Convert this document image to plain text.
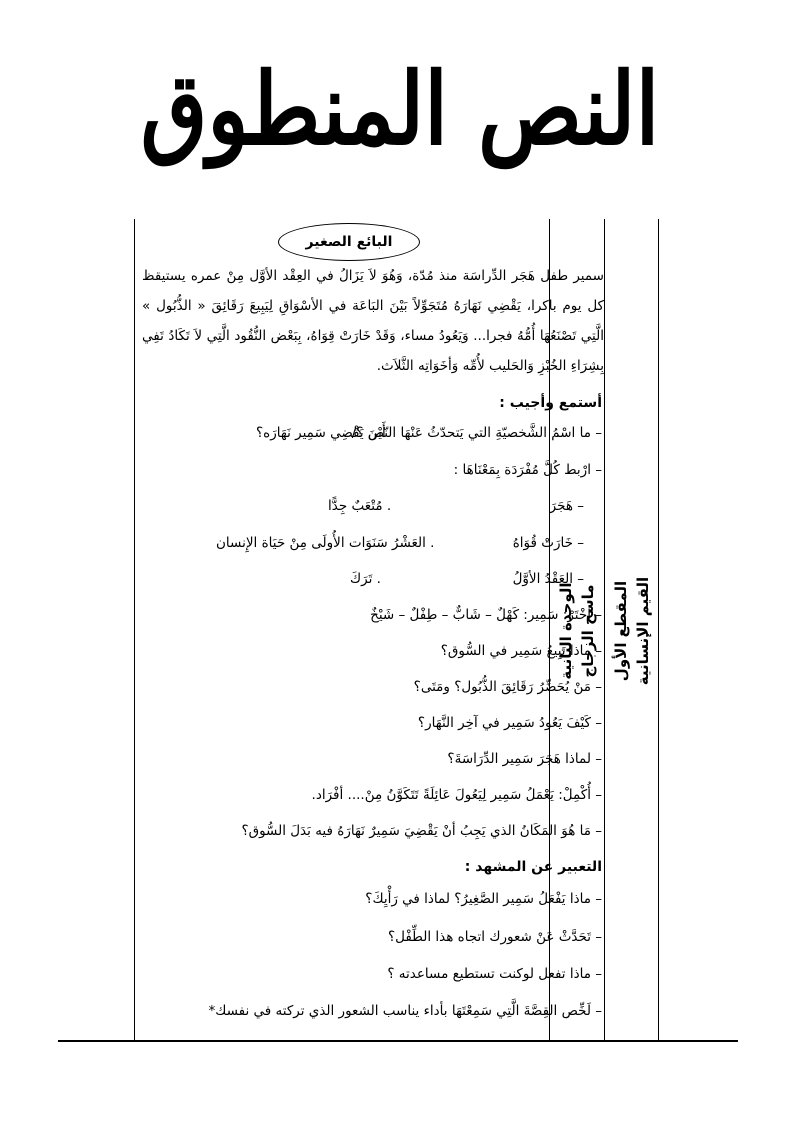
النص المنطوق
الوحدة الثانية ماسح الزجاج المقطع الأول القيم الإنسانية
البائع الصغير
سمير طفل هَجَر الدِّراسَة منذ مُدّة، وَهُوَ لاَ يَزَالُ في العِقْد الأوَّل مِنْ عمره يستيقظ كل يوم باكرا، يَقْضِي نَهَارَهُ مُتَجَوِّلاً بَيْنَ البَاعَة في الأسْوَاقِ لِيَبِيعَ رَقَائِقَ « الذُّبُول » الَّتِي تَصْنَعُهَا أُمُّهُ فجرا... وَيَعُودُ مساء، وَقَدْ خَارَتْ قِوَاهُ، بِبَعْض النُّقُود الَّتِي لاَ تَكَادُ تَفِي بِشِرَاءِ الخُبْزِ وَالحَليب لأُمِّه وَأخَوَاتِه الثَّلاَث.
أستمع وأجيب :
– ما اسْمُ الشَّخصيّةِ التي يَتحدّثُ عَنْهَا النّص ؟/
أَيْنَ يَقْضِي سَمِير نَهَارَه؟
– ارْبط كُلَّ مُفْرَدَة بِمَعْنَاهَا :
– هَجَرَ
. مُتْعَبٌ جِدًّا
– خَارَتْ قُوَاهُ
. العَشْرُ سَنَوَات الأُولَى مِنْ حَيَاة الإِنسان
– العَقْدُ الأوَّلُ
. تَرَكَ
– اِخْتَرْ: سَمِير: كَهْلٌ – شَابٌّ – طِفْلٌ – شَيْخٌ
– ماذا يَبِيعُ سَمِير في السُّوق؟
– مَنْ يُحَضِّرُ رَقَائِقَ الذُّبُول؟ ومَتَى؟
– كَيْفَ يَعُودُ سَمِير في آخِر النَّهَار؟
– لماذا هَجَرَ سَمِير الدِّرَاسَةَ؟
– أُكْمِلْ: يَعْمَلُ سَمِير لِيَعُولَ عَائِلَةً تَتَكَوَّنُ مِنْ.... أفْرَاد.
– مَا هُوَ المَكَانُ الذي يَجِبُ أنْ يَقْضِيَ سَمِيرٌ نَهَارَهُ فيه بَدَلَ السُّوق؟
التعبير عن المشهد :
– ماذا يَفْعَلُ سَمِير الصَّغِيرُ؟ لماذا في رَأْيِكَ؟
– تَحَدَّثْ عَنْ شعورك اتجاه هذا الطِّفْل؟
– ماذا تفعل لوكنت تستطيع مساعدته ؟
– لَخِّص القِصَّةَ الَّتِي سَمِعْتَهَا بأداء يناسب الشعور الذي تركته في نفسك*
